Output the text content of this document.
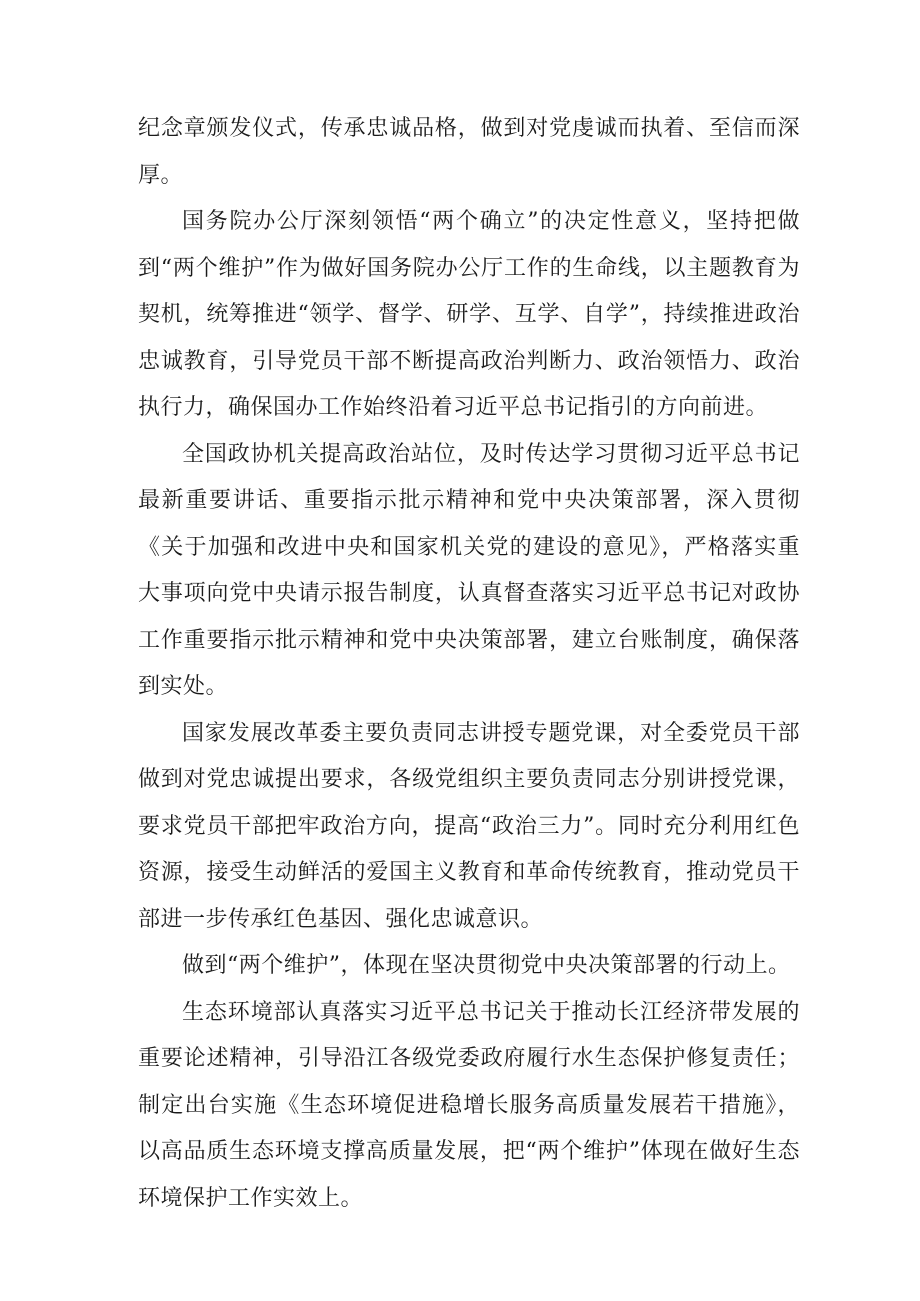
纪念章颁发仪式，传承忠诚品格，做到对党虔诚而执着、至信而深厚。

国务院办公厅深刻领悟“两个确立”的决定性意义，坚持把做到“两个维护”作为做好国务院办公厅工作的生命线，以主题教育为契机，统筹推进“领学、督学、研学、互学、自学”，持续推进政治忠诚教育，引导党员干部不断提高政治判断力、政治领悟力、政治执行力，确保国办工作始终沿着习近平总书记指引的方向前进。

全国政协机关提高政治站位，及时传达学习贯彻习近平总书记最新重要讲话、重要指示批示精神和党中央决策部署，深入贯彻《关于加强和改进中央和国家机关党的建设的意见》，严格落实重大事项向党中央请示报告制度，认真督查落实习近平总书记对政协工作重要指示批示精神和党中央决策部署，建立台账制度，确保落到实处。

国家发展改革委主要负责同志讲授专题党课，对全委党员干部做到对党忠诚提出要求，各级党组织主要负责同志分别讲授党课，要求党员干部把牢政治方向，提高“政治三力”。同时充分利用红色资源，接受生动鲜活的爱国主义教育和革命传统教育，推动党员干部进一步传承红色基因、强化忠诚意识。

做到“两个维护”，体现在坚决贯彻党中央决策部署的行动上。

生态环境部认真落实习近平总书记关于推动长江经济带发展的重要论述精神，引导沿江各级党委政府履行水生态保护修复责任；制定出台实施《生态环境促进稳增长服务高质量发展若干措施》，以高品质生态环境支撑高质量发展，把“两个维护”体现在做好生态环境保护工作实效上。
